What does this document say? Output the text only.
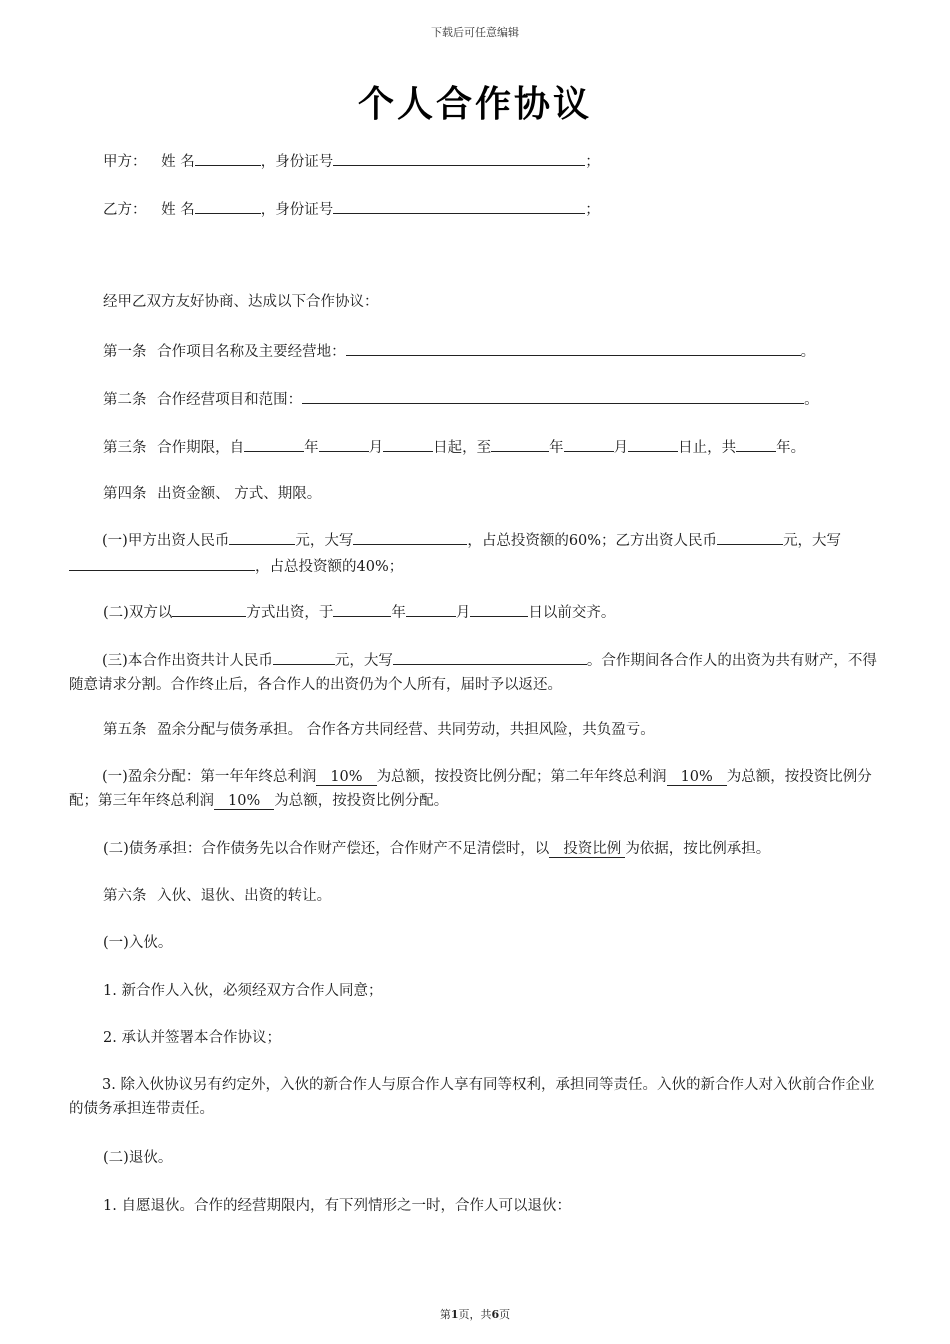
下载后可任意编辑
个人合作协议
甲方： 姓 名	，身份证号	；
乙方： 姓 名	，身份证号	；
经甲乙双方友好协商、达成以下合作协议：
第一条 合作项目名称及主要经营地：	。
第二条 合作经营项目和范围：	。
第三条 合作期限，自	年	月	日起，至	年	月	日止，共	年。
第四条 出资金额、 方式、期限。
(一)甲方出资人民币	元，大写	，占总投资额的60%；乙方出资人民币	元，大写，占总投资额的40%；
(二)双方以	方式出资，于	年	月	日以前交齐。
(三)本合作出资共计人民币	元，大写	。合作期间各合作人的出资为共有财产，不得随意请求分割。合作终止后，各合作人的出资仍为个人所有，届时予以返还。
第五条 盈余分配与债务承担。 合作各方共同经营、共同劳动，共担风险，共负盈亏。
(一)盈余分配：第一年年终总利润 10% 为总额，按投资比例分配；第二年年终总利润 10% 为总额，按投资比例分配；第三年年终总利润 10% 为总额，按投资比例分配。
(二)债务承担：合作债务先以合作财产偿还，合作财产不足清偿时，以 投资比例 为依据，按比例承担。
第六条 入伙、退伙、出资的转让。
(一)入伙。
1. 新合作人入伙，必须经双方合作人同意；
2. 承认并签署本合作协议；
3. 除入伙协议另有约定外，入伙的新合作人与原合作人享有同等权利，承担同等责任。入伙的新合作人对入伙前合作企业的债务承担连带责任。
(二)退伙。
1. 自愿退伙。合作的经营期限内，有下列情形之一时，合作人可以退伙：
第1页，共6页
